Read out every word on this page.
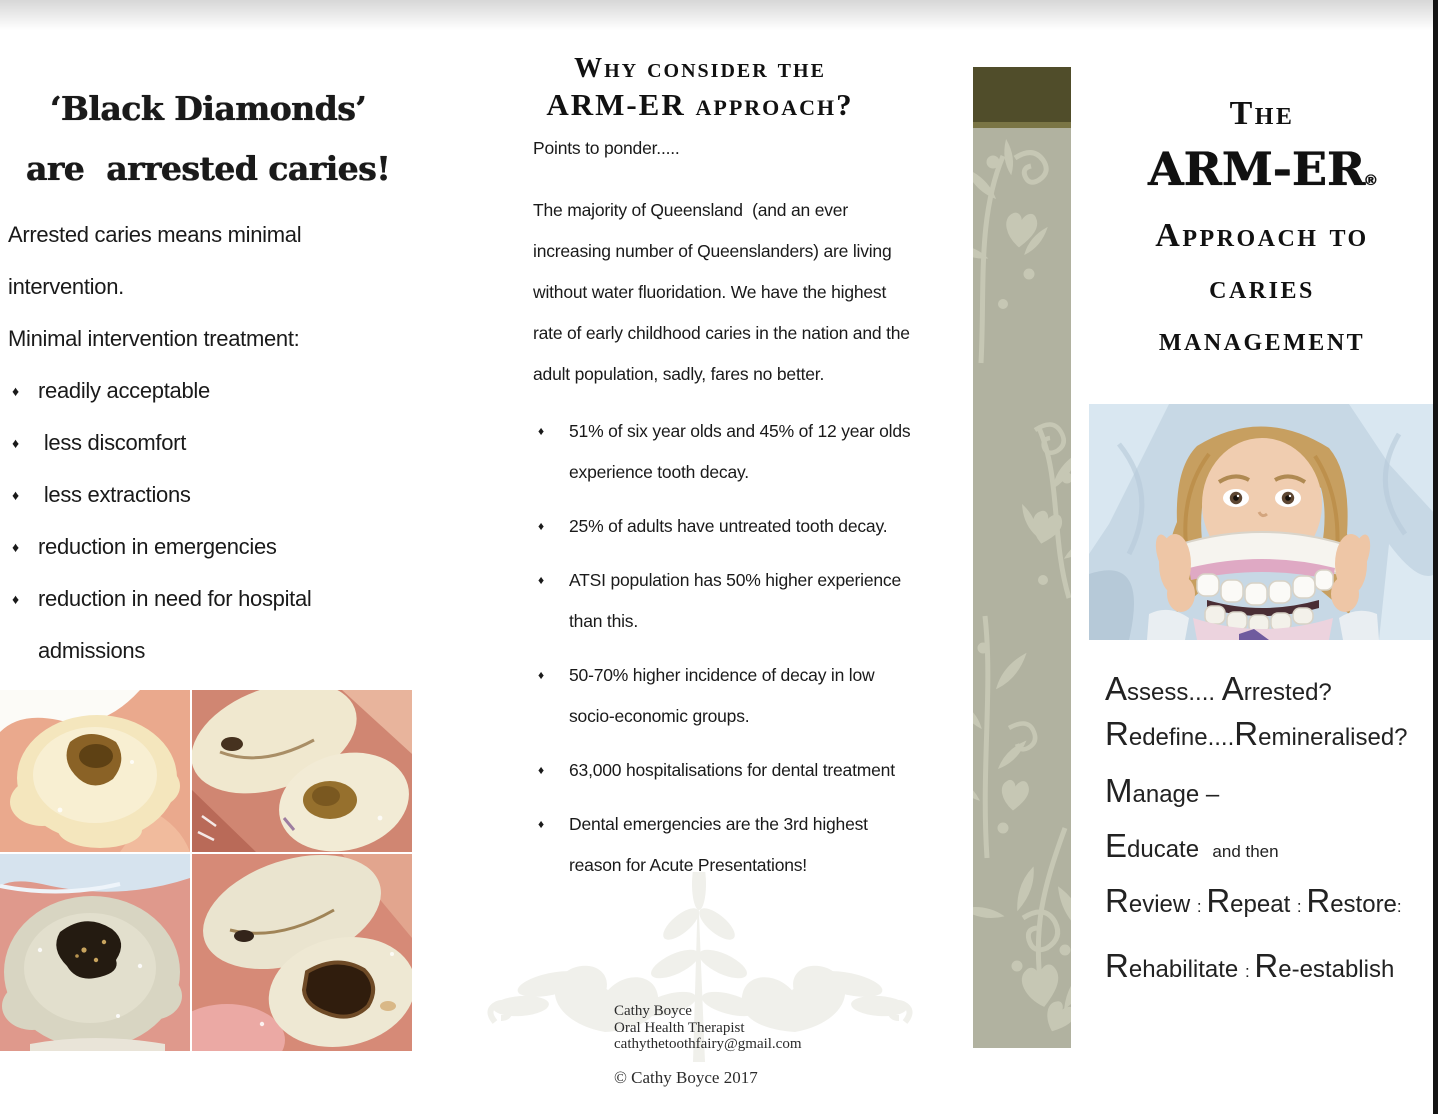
‘Black Diamonds’
are  arrested caries!
Arrested caries means minimal intervention.
Minimal intervention treatment:
♦ readily acceptable
♦ less discomfort
♦ less extractions
♦ reduction in emergencies
♦ reduction in need for hospital admissions
Why consider the
ARM-ER approach?
Points to ponder.....
The majority of Queensland  (and an ever increasing number of Queenslanders) are living without water fluoridation. We have the highest rate of early childhood caries in the nation and the adult population, sadly, fares no better.
♦ 51% of six year olds and 45% of 12 year olds experience tooth decay.
♦ 25% of adults have untreated tooth decay.
♦ ATSI population has 50% higher experience than this.
♦ 50-70% higher incidence of decay in low socio-economic groups.
♦ 63,000 hospitalisations for dental treatment
♦ Dental emergencies are the 3rd highest reason for Acute Presentations!
Cathy Boyce
Oral Health Therapist
cathythetoothfairy@gmail.com
© Cathy Boyce 2017
The
ARM-ER®
Approach to
caries
management
Assess.... Arrested?
Redefine....Remineralised?
Manage –
Educate  and then
Review : Repeat : Restore:
Rehabilitate : Re-establish
